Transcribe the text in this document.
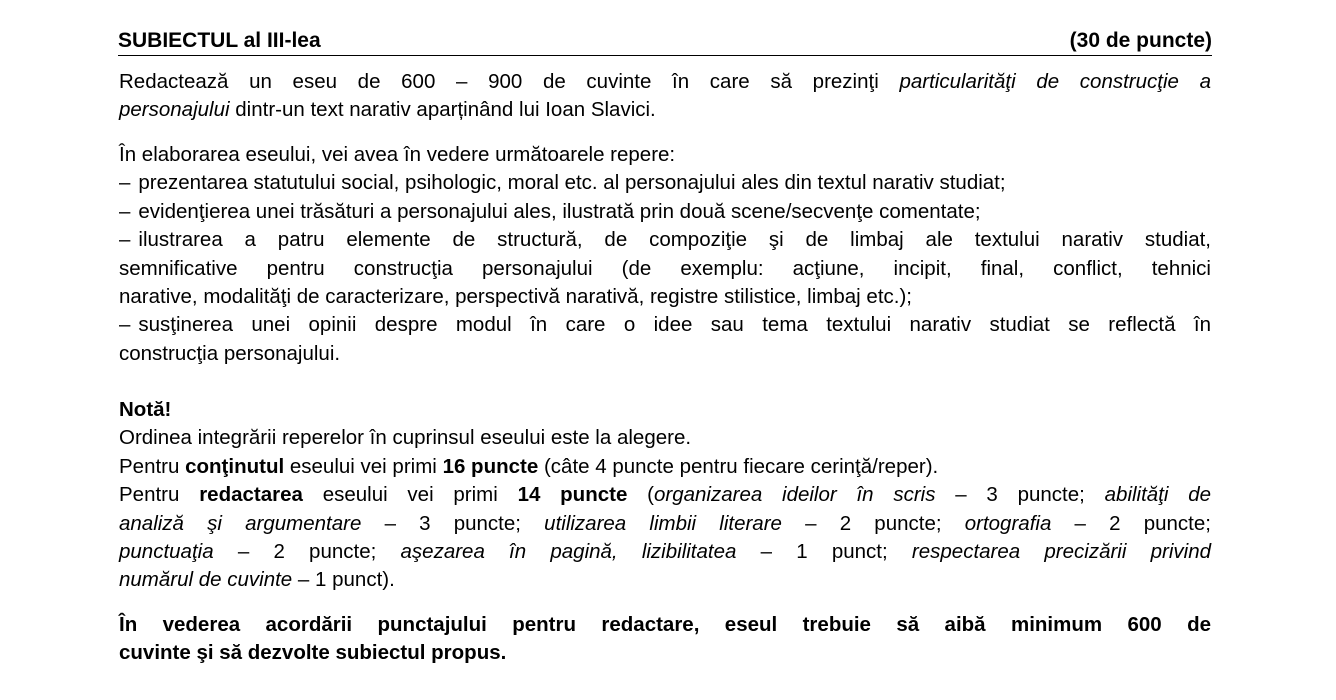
SUBIECTUL al III-lea	(30 de puncte)
Redactează un eseu de 600 – 900 de cuvinte în care să prezinţi particularităţi de construcţie a
personajului dintr-un text narativ aparținând lui Ioan Slavici.
În elaborarea eseului, vei avea în vedere următoarele repere:
– prezentarea statutului social, psihologic, moral etc. al personajului ales din textul narativ studiat;
– evidenţierea unei trăsături a personajului ales, ilustrată prin două scene/secvenţe comentate;
– ilustrarea a patru elemente de structură, de compoziţie şi de limbaj ale textului narativ studiat,
semnificative pentru construcţia personajului (de exemplu: acţiune, incipit, final, conflict, tehnici
narative, modalităţi de caracterizare, perspectivă narativă, registre stilistice, limbaj etc.);
– susţinerea unei opinii despre modul în care o idee sau tema textului narativ studiat se reflectă în
construcţia personajului.
Notă!
Ordinea integrării reperelor în cuprinsul eseului este la alegere.
Pentru conţinutul eseului vei primi 16 puncte (câte 4 puncte pentru fiecare cerinţă/reper).
Pentru redactarea eseului vei primi 14 puncte (organizarea ideilor în scris – 3 puncte; abilităţi de
analiză şi argumentare – 3 puncte; utilizarea limbii literare – 2 puncte; ortografia – 2 puncte;
punctuaţia – 2 puncte; aşezarea în pagină, lizibilitatea – 1 punct; respectarea precizării privind
numărul de cuvinte – 1 punct).
În vederea acordării punctajului pentru redactare, eseul trebuie să aibă minimum 600 de
cuvinte şi să dezvolte subiectul propus.
